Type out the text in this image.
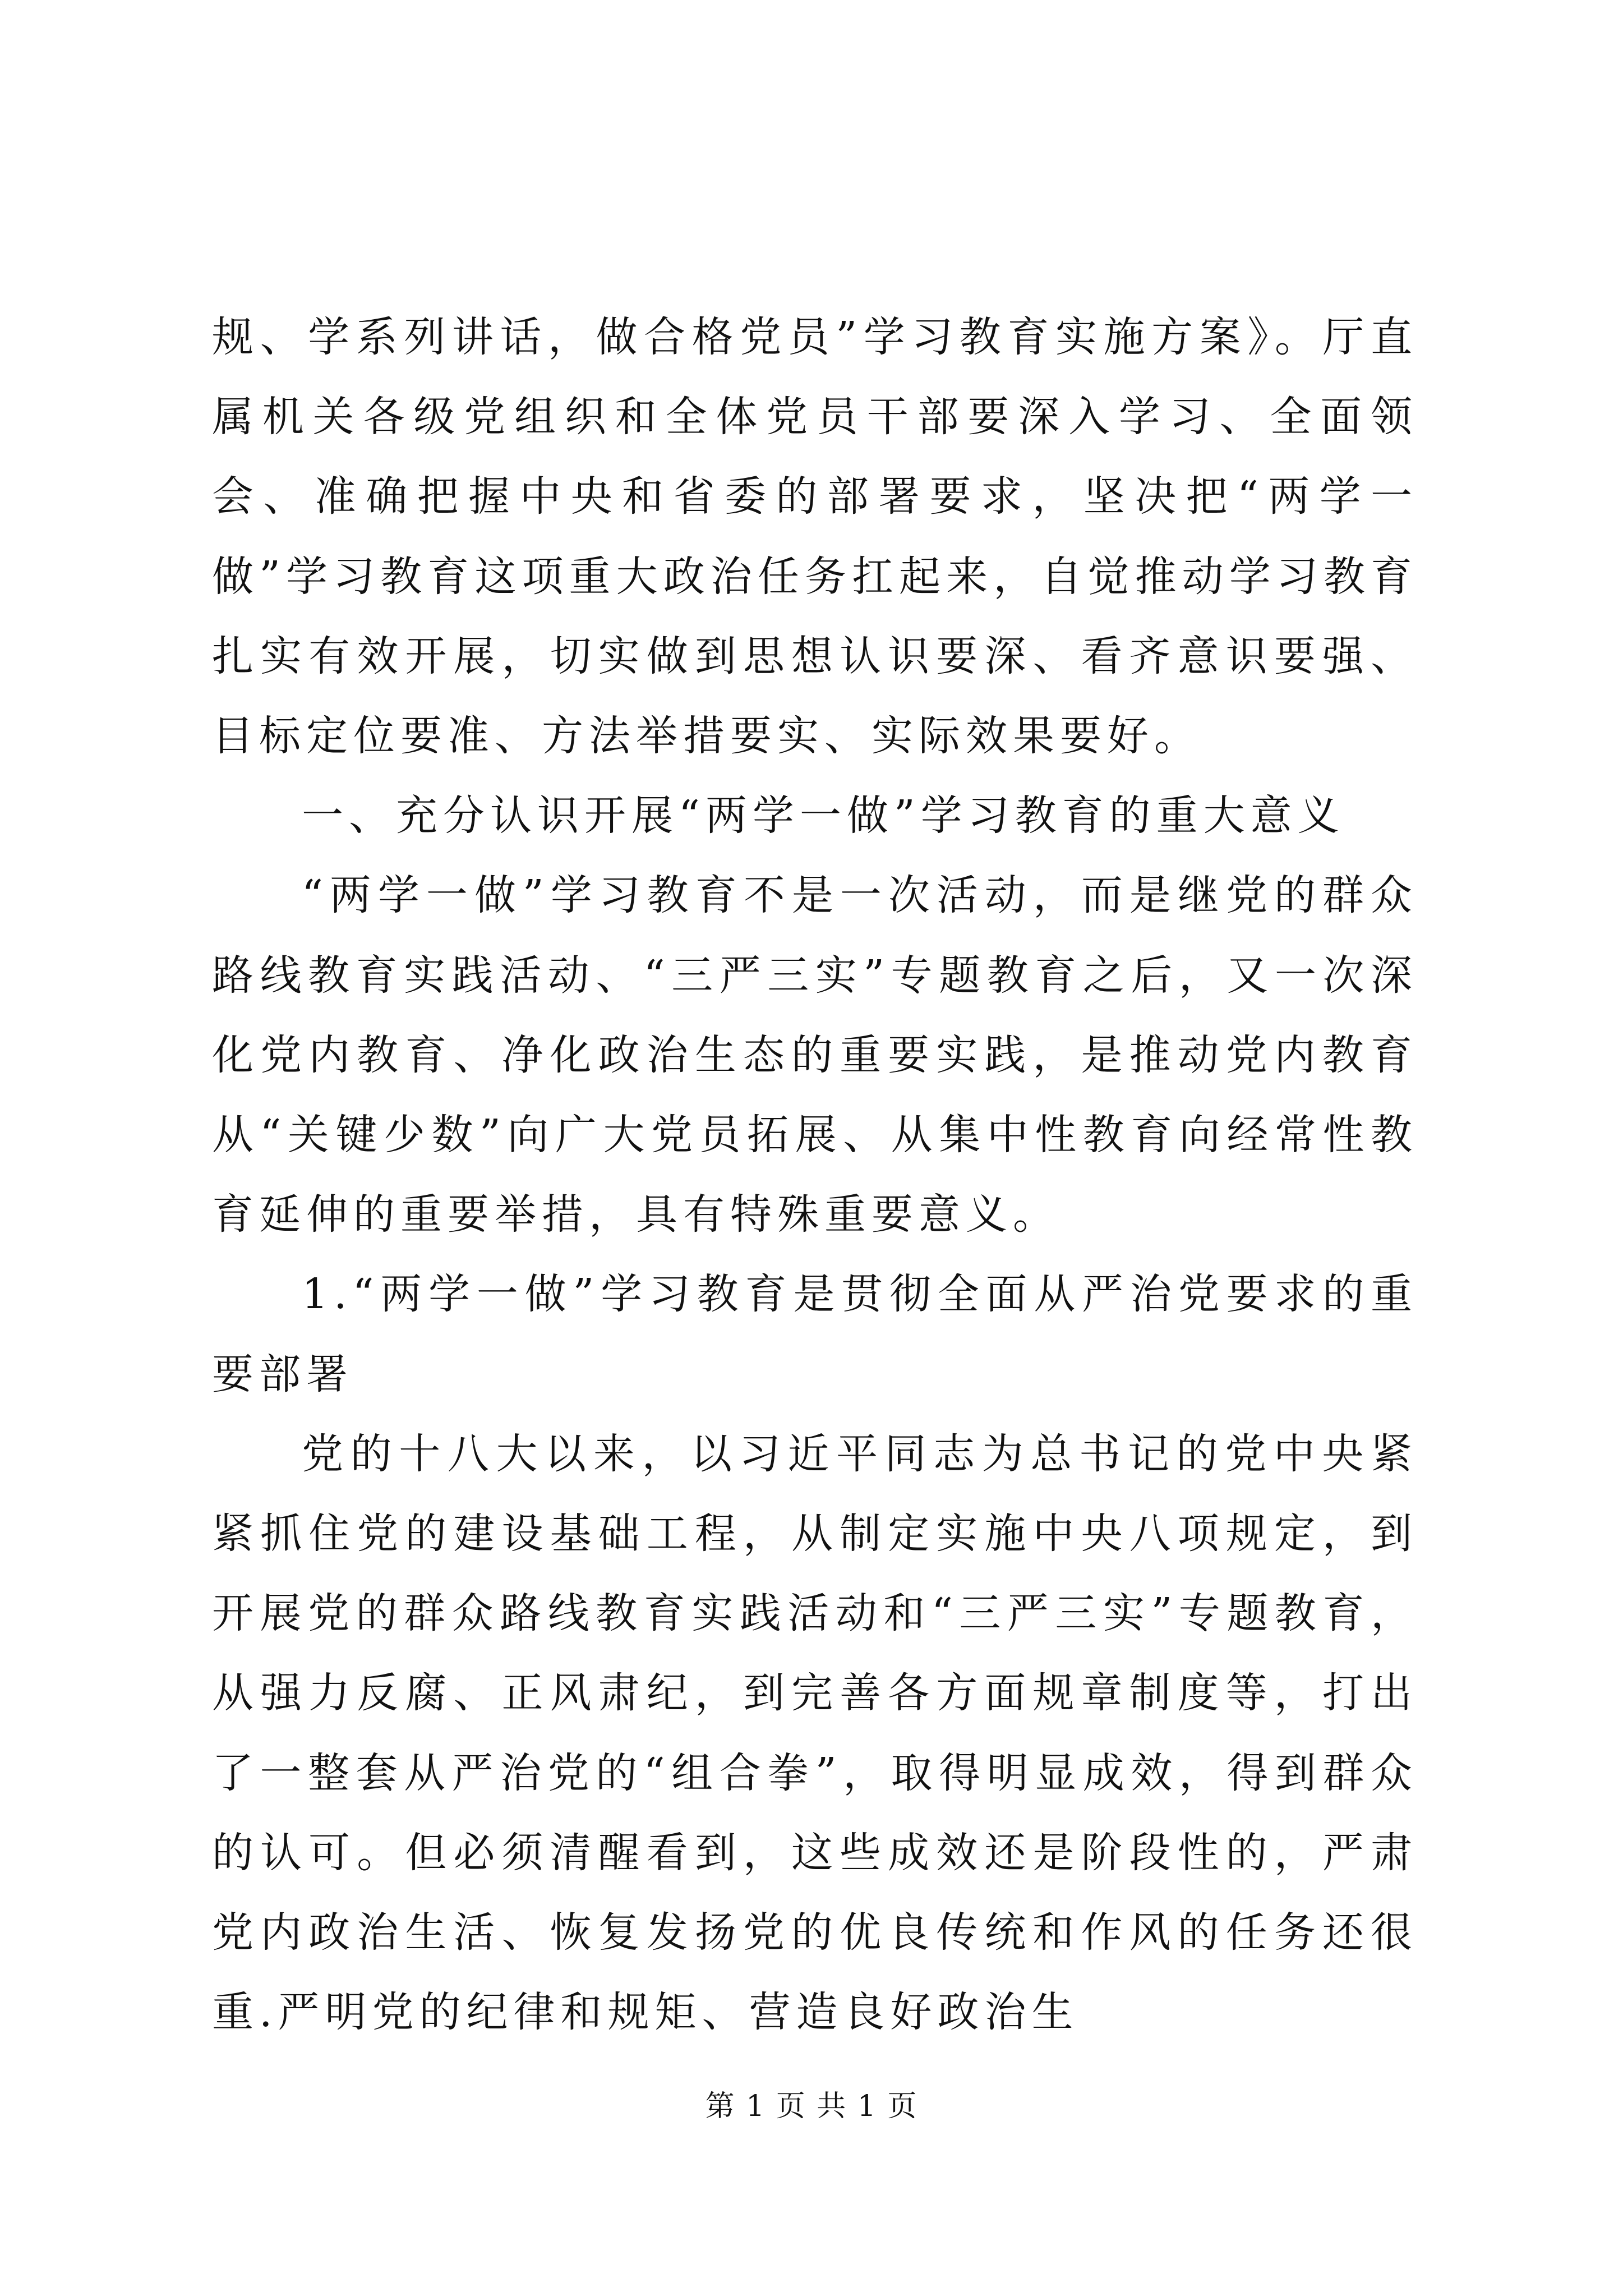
规、学系列讲话，做合格党员”学习教育实施方案》。厅直属机关各级党组织和全体党员干部要深入学习、全面领会、准确把握中央和省委的部署要求，坚决把“两学一做”学习教育这项重大政治任务扛起来，自觉推动学习教育扎实有效开展，切实做到思想认识要深、看齐意识要强、目标定位要准、方法举措要实、实际效果要好。

一、充分认识开展“两学一做”学习教育的重大意义

“两学一做”学习教育不是一次活动，而是继党的群众路线教育实践活动、“三严三实”专题教育之后，又一次深化党内教育、净化政治生态的重要实践，是推动党内教育从“关键少数”向广大党员拓展、从集中性教育向经常性教育延伸的重要举措，具有特殊重要意义。

1.“两学一做”学习教育是贯彻全面从严治党要求的重要部署

党的十八大以来，以习近平同志为总书记的党中央紧紧抓住党的建设基础工程，从制定实施中央八项规定，到开展党的群众路线教育实践活动和“三严三实”专题教育，从强力反腐、正风肃纪，到完善各方面规章制度等，打出了一整套从严治党的“组合拳”，取得明显成效，得到群众的认可。但必须清醒看到，这些成效还是阶段性的，严肃党内政治生活、恢复发扬党的优良传统和作风的任务还很重.严明党的纪律和规矩、营造良好政治生

第 1 页 共 1 页
